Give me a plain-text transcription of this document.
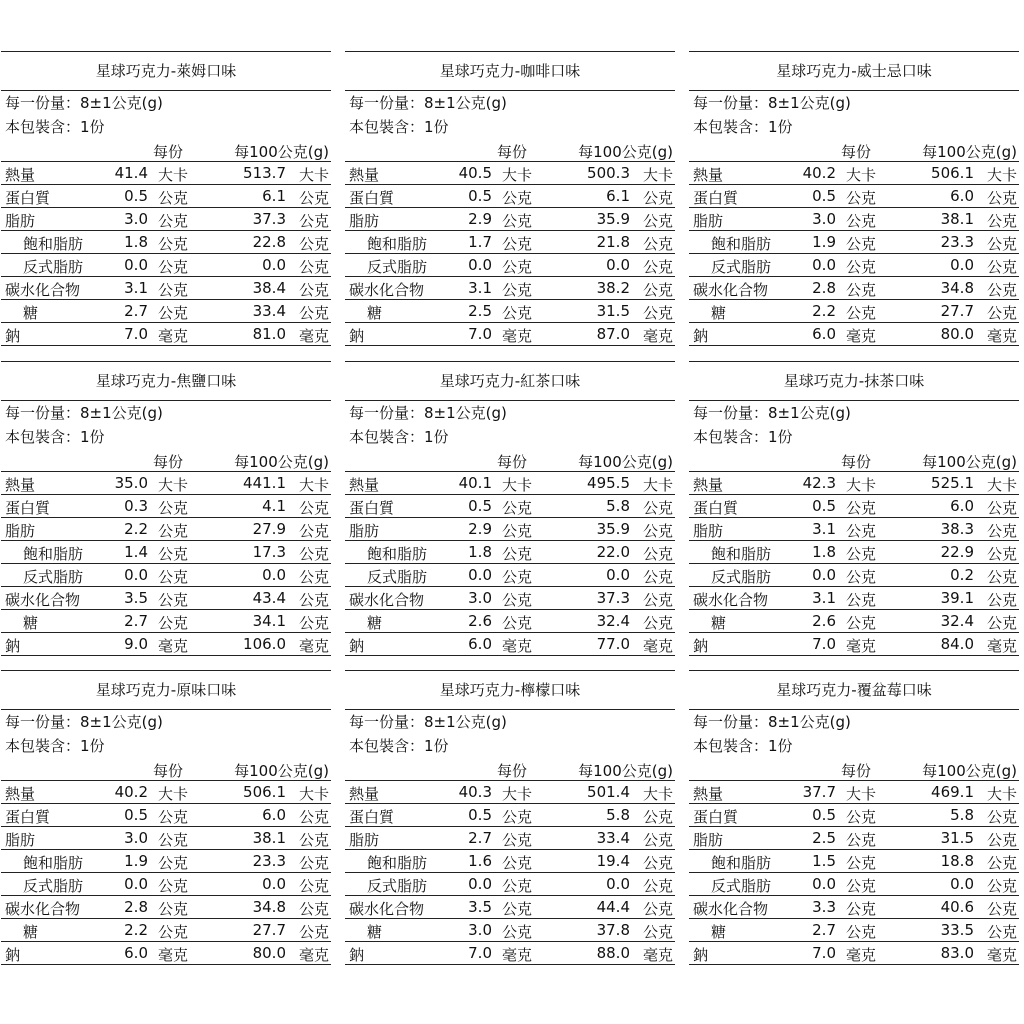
星球巧克力-萊姆口味
每一份量：8±1公克(g)
本包裝含：1份
每份	每100公克(g)
熱量	41.4 大卡	513.7 大卡
蛋白質	0.5 公克	6.1 公克
脂肪	3.0 公克	37.3 公克
飽和脂肪	1.8 公克	22.8 公克
反式脂肪	0.0 公克	0.0 公克
碳水化合物	3.1 公克	38.4 公克
糖	2.7 公克	33.4 公克
鈉	7.0 毫克	81.0 毫克
星球巧克力-咖啡口味
每一份量：8±1公克(g)
本包裝含：1份
每份	每100公克(g)
熱量	40.5 大卡	500.3 大卡
蛋白質	0.5 公克	6.1 公克
脂肪	2.9 公克	35.9 公克
飽和脂肪	1.7 公克	21.8 公克
反式脂肪	0.0 公克	0.0 公克
碳水化合物	3.1 公克	38.2 公克
糖	2.5 公克	31.5 公克
鈉	7.0 毫克	87.0 毫克
星球巧克力-威士忌口味
每一份量：8±1公克(g)
本包裝含：1份
每份	每100公克(g)
熱量	40.2 大卡	506.1 大卡
蛋白質	0.5 公克	6.0 公克
脂肪	3.0 公克	38.1 公克
飽和脂肪	1.9 公克	23.3 公克
反式脂肪	0.0 公克	0.0 公克
碳水化合物	2.8 公克	34.8 公克
糖	2.2 公克	27.7 公克
鈉	6.0 毫克	80.0 毫克
星球巧克力-焦鹽口味
每一份量：8±1公克(g)
本包裝含：1份
每份	每100公克(g)
熱量	35.0 大卡	441.1 大卡
蛋白質	0.3 公克	4.1 公克
脂肪	2.2 公克	27.9 公克
飽和脂肪	1.4 公克	17.3 公克
反式脂肪	0.0 公克	0.0 公克
碳水化合物	3.5 公克	43.4 公克
糖	2.7 公克	34.1 公克
鈉	9.0 毫克	106.0 毫克
星球巧克力-紅茶口味
每一份量：8±1公克(g)
本包裝含：1份
每份	每100公克(g)
熱量	40.1 大卡	495.5 大卡
蛋白質	0.5 公克	5.8 公克
脂肪	2.9 公克	35.9 公克
飽和脂肪	1.8 公克	22.0 公克
反式脂肪	0.0 公克	0.0 公克
碳水化合物	3.0 公克	37.3 公克
糖	2.6 公克	32.4 公克
鈉	6.0 毫克	77.0 毫克
星球巧克力-抹茶口味
每一份量：8±1公克(g)
本包裝含：1份
每份	每100公克(g)
熱量	42.3 大卡	525.1 大卡
蛋白質	0.5 公克	6.0 公克
脂肪	3.1 公克	38.3 公克
飽和脂肪	1.8 公克	22.9 公克
反式脂肪	0.0 公克	0.2 公克
碳水化合物	3.1 公克	39.1 公克
糖	2.6 公克	32.4 公克
鈉	7.0 毫克	84.0 毫克
星球巧克力-原味口味
每一份量：8±1公克(g)
本包裝含：1份
每份	每100公克(g)
熱量	40.2 大卡	506.1 大卡
蛋白質	0.5 公克	6.0 公克
脂肪	3.0 公克	38.1 公克
飽和脂肪	1.9 公克	23.3 公克
反式脂肪	0.0 公克	0.0 公克
碳水化合物	2.8 公克	34.8 公克
糖	2.2 公克	27.7 公克
鈉	6.0 毫克	80.0 毫克
星球巧克力-檸檬口味
每一份量：8±1公克(g)
本包裝含：1份
每份	每100公克(g)
熱量	40.3 大卡	501.4 大卡
蛋白質	0.5 公克	5.8 公克
脂肪	2.7 公克	33.4 公克
飽和脂肪	1.6 公克	19.4 公克
反式脂肪	0.0 公克	0.0 公克
碳水化合物	3.5 公克	44.4 公克
糖	3.0 公克	37.8 公克
鈉	7.0 毫克	88.0 毫克
星球巧克力-覆盆莓口味
每一份量：8±1公克(g)
本包裝含：1份
每份	每100公克(g)
熱量	37.7 大卡	469.1 大卡
蛋白質	0.5 公克	5.8 公克
脂肪	2.5 公克	31.5 公克
飽和脂肪	1.5 公克	18.8 公克
反式脂肪	0.0 公克	0.0 公克
碳水化合物	3.3 公克	40.6 公克
糖	2.7 公克	33.5 公克
鈉	7.0 毫克	83.0 毫克
